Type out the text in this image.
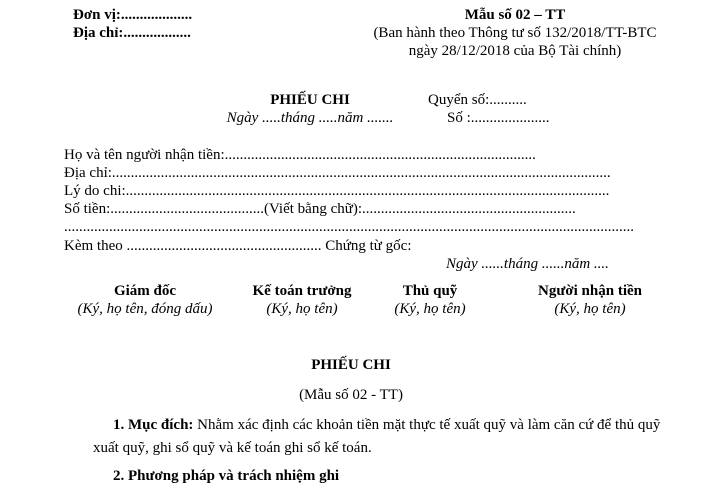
Đơn vị:...................
Địa chỉ:..................
Mẫu số 02 – TT
(Ban hành theo Thông tư số 132/2018/TT-BTC
ngày 28/12/2018 của Bộ Tài chính)
PHIẾU CHI
Ngày .....tháng .....năm .......
Quyển số:..........
Số :.....................
Họ và tên người nhận tiền:...................................................................................
Địa chỉ:.....................................................................................................................................
Lý do chi:.................................................................................................................................
Số tiền:.........................................(Viết bằng chữ):.........................................................
........................................................................................................................................................
Kèm theo .................................................... Chứng từ gốc:
Ngày ......tháng ......năm ....
Giám đốc
(Ký, họ tên, đóng dấu)
Kế toán trưởng
(Ký, họ tên)
Thủ quỹ
(Ký, họ tên)
Người nhận tiền
(Ký, họ tên)
PHIẾU CHI
(Mẫu số 02 - TT)
1. Mục đích: Nhằm xác định các khoản tiền mặt thực tế xuất quỹ và làm căn cứ để thủ quỹ xuất quỹ, ghi sổ quỹ và kế toán ghi sổ kế toán.
2. Phương pháp và trách nhiệm ghi
